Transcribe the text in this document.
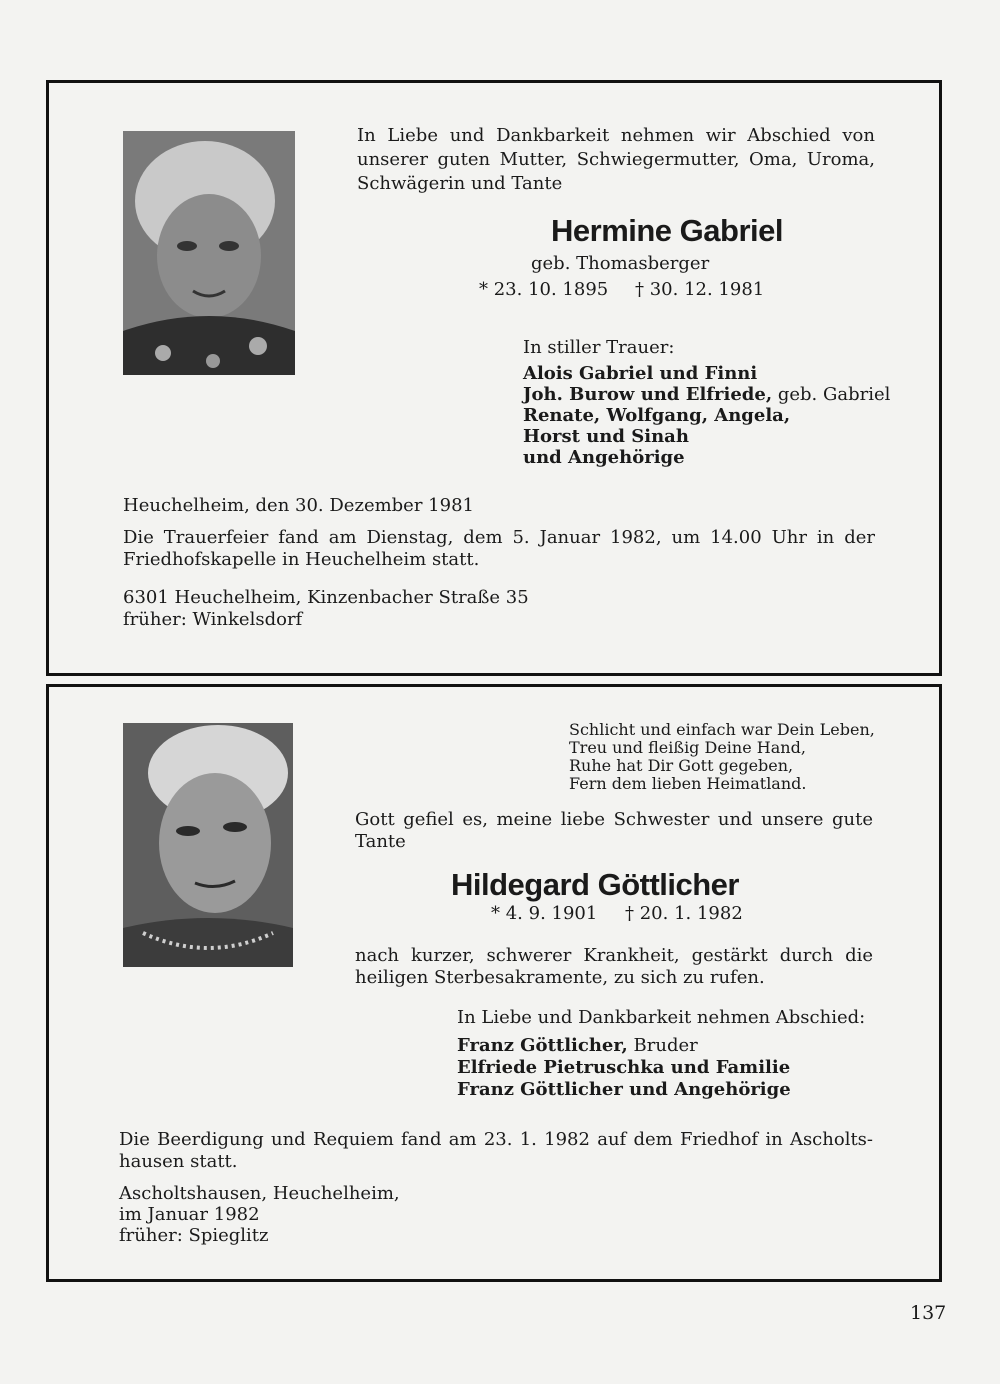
In Liebe und Dankbarkeit nehmen wir Abschied von

unserer guten Mutter, Schwiegermutter, Oma, Uroma,

Schwägerin und Tante

Hermine Gabriel

geb. Thomasberger

* 23. 10. 1895 † 30. 12. 1981

In stiller Trauer:

Alois Gabriel und Finni

Joh. Burow und Elfriede, geb. Gabriel

Renate, Wolfgang, Angela,

Horst und Sinah

und Angehörige

Heuchelheim, den 30. Dezember 1981

Die Trauerfeier fand am Dienstag, dem 5. Januar 1982, um 14.00 Uhr in der

Friedhofskapelle in Heuchelheim statt.

6301 Heuchelheim, Kinzenbacher Straße 35

früher: Winkelsdorf

Schlicht und einfach war Dein Leben,

Treu und fleißig Deine Hand,

Ruhe hat Dir Gott gegeben,

Fern dem lieben Heimatland.

Gott gefiel es, meine liebe Schwester und unsere gute

Tante

Hildegard Göttlicher

* 4. 9. 1901 † 20. 1. 1982

nach kurzer, schwerer Krankheit, gestärkt durch die

heiligen Sterbesakramente, zu sich zu rufen.

In Liebe und Dankbarkeit nehmen Abschied:

Franz Göttlicher, Bruder

Elfriede Pietruschka und Familie

Franz Göttlicher und Angehörige

Die Beerdigung und Requiem fand am 23. 1. 1982 auf dem Friedhof in Ascholts-

hausen statt.

Ascholtshausen, Heuchelheim,

im Januar 1982

früher: Spieglitz

137
